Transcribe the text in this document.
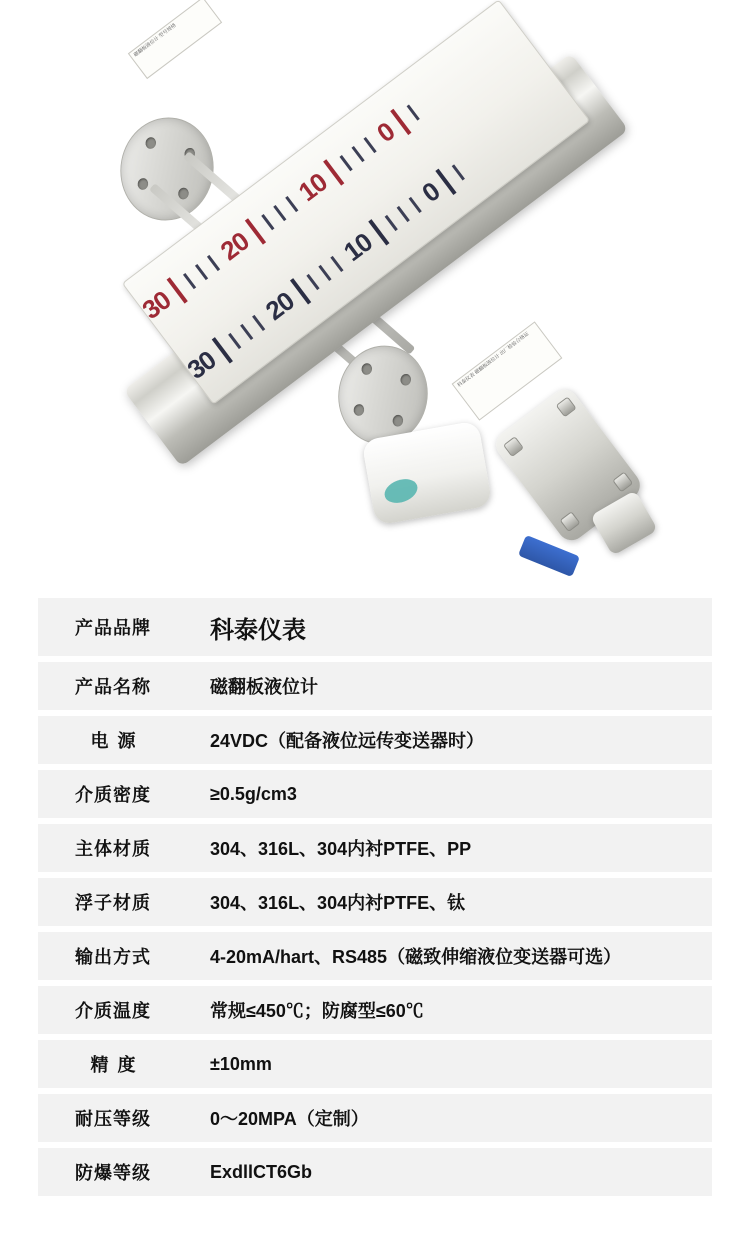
30
20
10
0
30
20
10
0
磁翻板液位计 型号规格
科泰仪表 磁翻板液位计 出厂检验合格证
产品品牌	科泰仪表
产品名称	磁翻板液位计
电源	24VDC（配备液位远传变送器时）
介质密度	≥0.5g/cm3
主体材质	304、316L、304内衬PTFE、PP
浮子材质	304、316L、304内衬PTFE、钛
输出方式	4-20mA/hart、RS485（磁致伸缩液位变送器可选）
介质温度	常规≤450℃；防腐型≤60℃
精度	±10mm
耐压等级	0～20MPA（定制）
防爆等级	ExdllCT6Gb
